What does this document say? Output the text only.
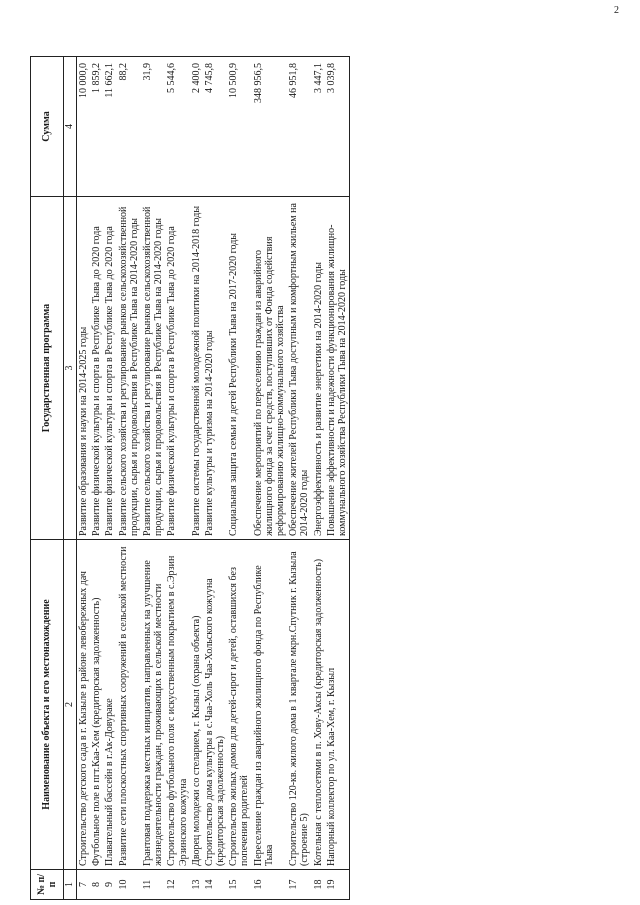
2
№ п/п	Наименование объекта и его местонахождение	Государственная программа	Сумма
1	2	3	4
7	Строительство детского сада в г. Кызыле в районе левобережных дач	Развитие образования и науки на 2014-2025 годы	10 000,0
8	Футбольное поле в пгт.Каа-Хем (кредиторская задолженность)	Развитие физической культуры и спорта в Республике Тыва до 2020 года	1 859,2
9	Плавательный бассейн в г.Ак-Довураке	Развитие физической культуры и спорта в Республике Тыва до 2020 года	11 662,1
10	Развитие сети плоскостных спортивных сооружений в сельской местности	Развитие сельского хозяйства и регулирование рынков сельскохозяйственной продукции, сырья и продовольствия в Республике Тыва на 2014-2020 годы	88,2
11	Грантовая поддержка местных инициатив, направленных на улучшение жизнедеятельности граждан, проживающих в сельской местности	Развитие сельского хозяйства и регулирование рынков сельскохозяйственной продукции, сырья и продовольствия в Республике Тыва на 2014-2020 годы	31,9
12	Строительство футбольного поля с искусственным покрытием в с.Эрзин Эрзинского кожууна	Развитие физической культуры и спорта в Республике Тыва до 2020 года	5 544,6
13	Дворец молодежи со стеларием, г. Кызыл (охрана объекта)	Развитие системы государственной молодежной политики на 2014-2018 годы	2 400,0
14	Строительство дома культуры в с.Чаа-Холь Чаа-Хольского кожууна (кредиторская задолженность)	Развитие культуры и туризма на 2014-2020 годы	4 745,8
15	Строительство жилых домов для детей-сирот и детей, оставшихся без попечения родителей	Социальная защита семьи и детей Республики Тыва на 2017-2020 годы	10 500,9
16	Переселение граждан из аварийного жилищного фонда по Республике Тыва	Обеспечение мероприятий по переселению граждан из аварийного жилищного фонда за счет средств, поступивших от Фонда содействия реформированию жилищно-коммунального хозяйства	348 956,5
17	Строительство 120-кв. жилого дома в 1 квартале мкрн.Спутник г. Кызыла (строение 5)	Обеспечение жителей Республики Тыва доступным и комфортным жильем на 2014-2020 годы	46 951,8
18	Котельная с теплосетями в п. Хову-Аксы (кредиторская задолженность)	Энергоэффективность и развитие энергетики на 2014-2020 годы	3 447,1
19	Напорный коллектор по ул. Каа-Хем, г. Кызыл	Повышение эффективности и надежности функционирования жилищно-коммунального хозяйства Республики Тыва на 2014-2020 годы	3 039,8
